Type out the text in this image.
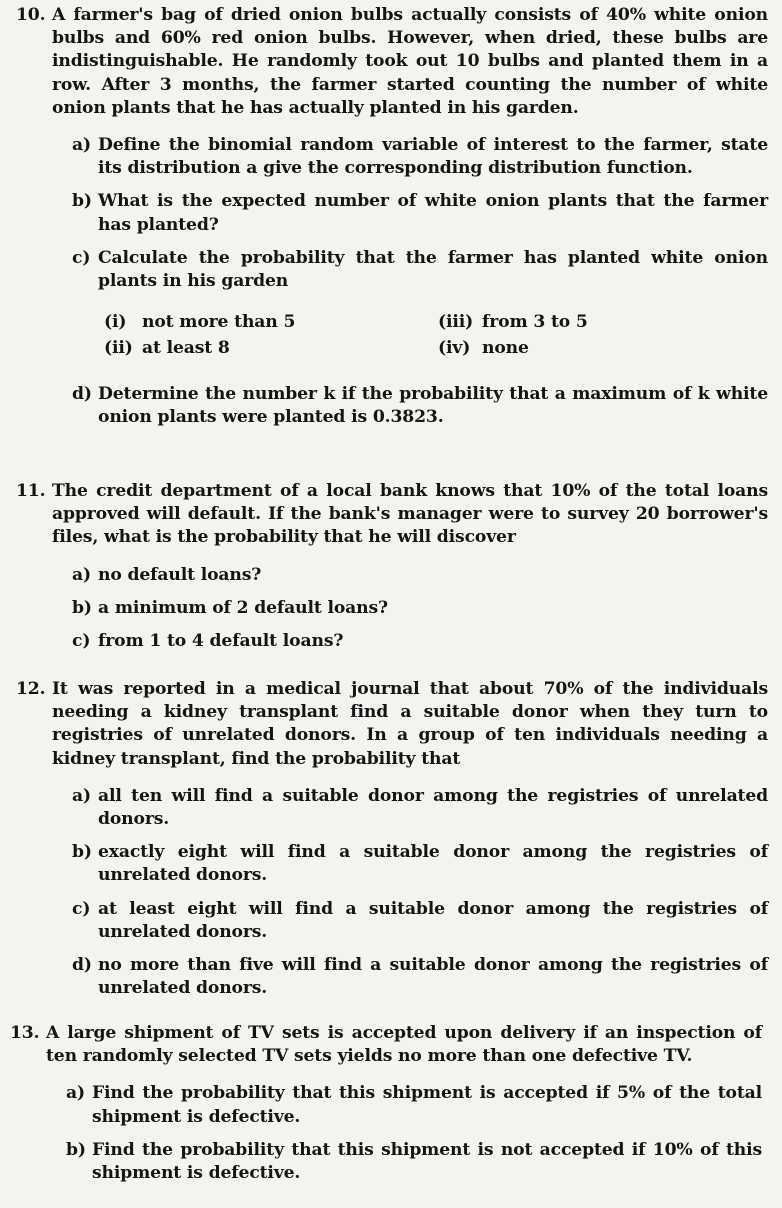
10. A farmer's bag of dried onion bulbs actually consists of 40% white onion bulbs and 60% red onion bulbs. However, when dried, these bulbs are indistinguishable. He randomly took out 10 bulbs and planted them in a row. After 3 months, the farmer started counting the number of white onion plants that he has actually planted in his garden.
a) Define the binomial random variable of interest to the farmer, state its distribution a give the corresponding distribution function.
b) What is the expected number of white onion plants that the farmer has planted?
c) Calculate the probability that the farmer has planted white onion plants in his garden
(i) not more than 5	(iii) from 3 to 5
(ii) at least 8	(iv) none
d) Determine the number k if the probability that a maximum of k white onion plants were planted is 0.3823.
11. The credit department of a local bank knows that 10% of the total loans approved will default. If the bank's manager were to survey 20 borrower's files, what is the probability that he will discover
a) no default loans?
b) a minimum of 2 default loans?
c) from 1 to 4 default loans?
12. It was reported in a medical journal that about 70% of the individuals needing a kidney transplant find a suitable donor when they turn to registries of unrelated donors. In a group of ten individuals needing a kidney transplant, find the probability that
a) all ten will find a suitable donor among the registries of unrelated donors.
b) exactly eight will find a suitable donor among the registries of unrelated donors.
c) at least eight will find a suitable donor among the registries of unrelated donors.
d) no more than five will find a suitable donor among the registries of unrelated donors.
13. A large shipment of TV sets is accepted upon delivery if an inspection of ten randomly selected TV sets yields no more than one defective TV.
a) Find the probability that this shipment is accepted if 5% of the total shipment is defective.
b) Find the probability that this shipment is not accepted if 10% of this shipment is defective.
